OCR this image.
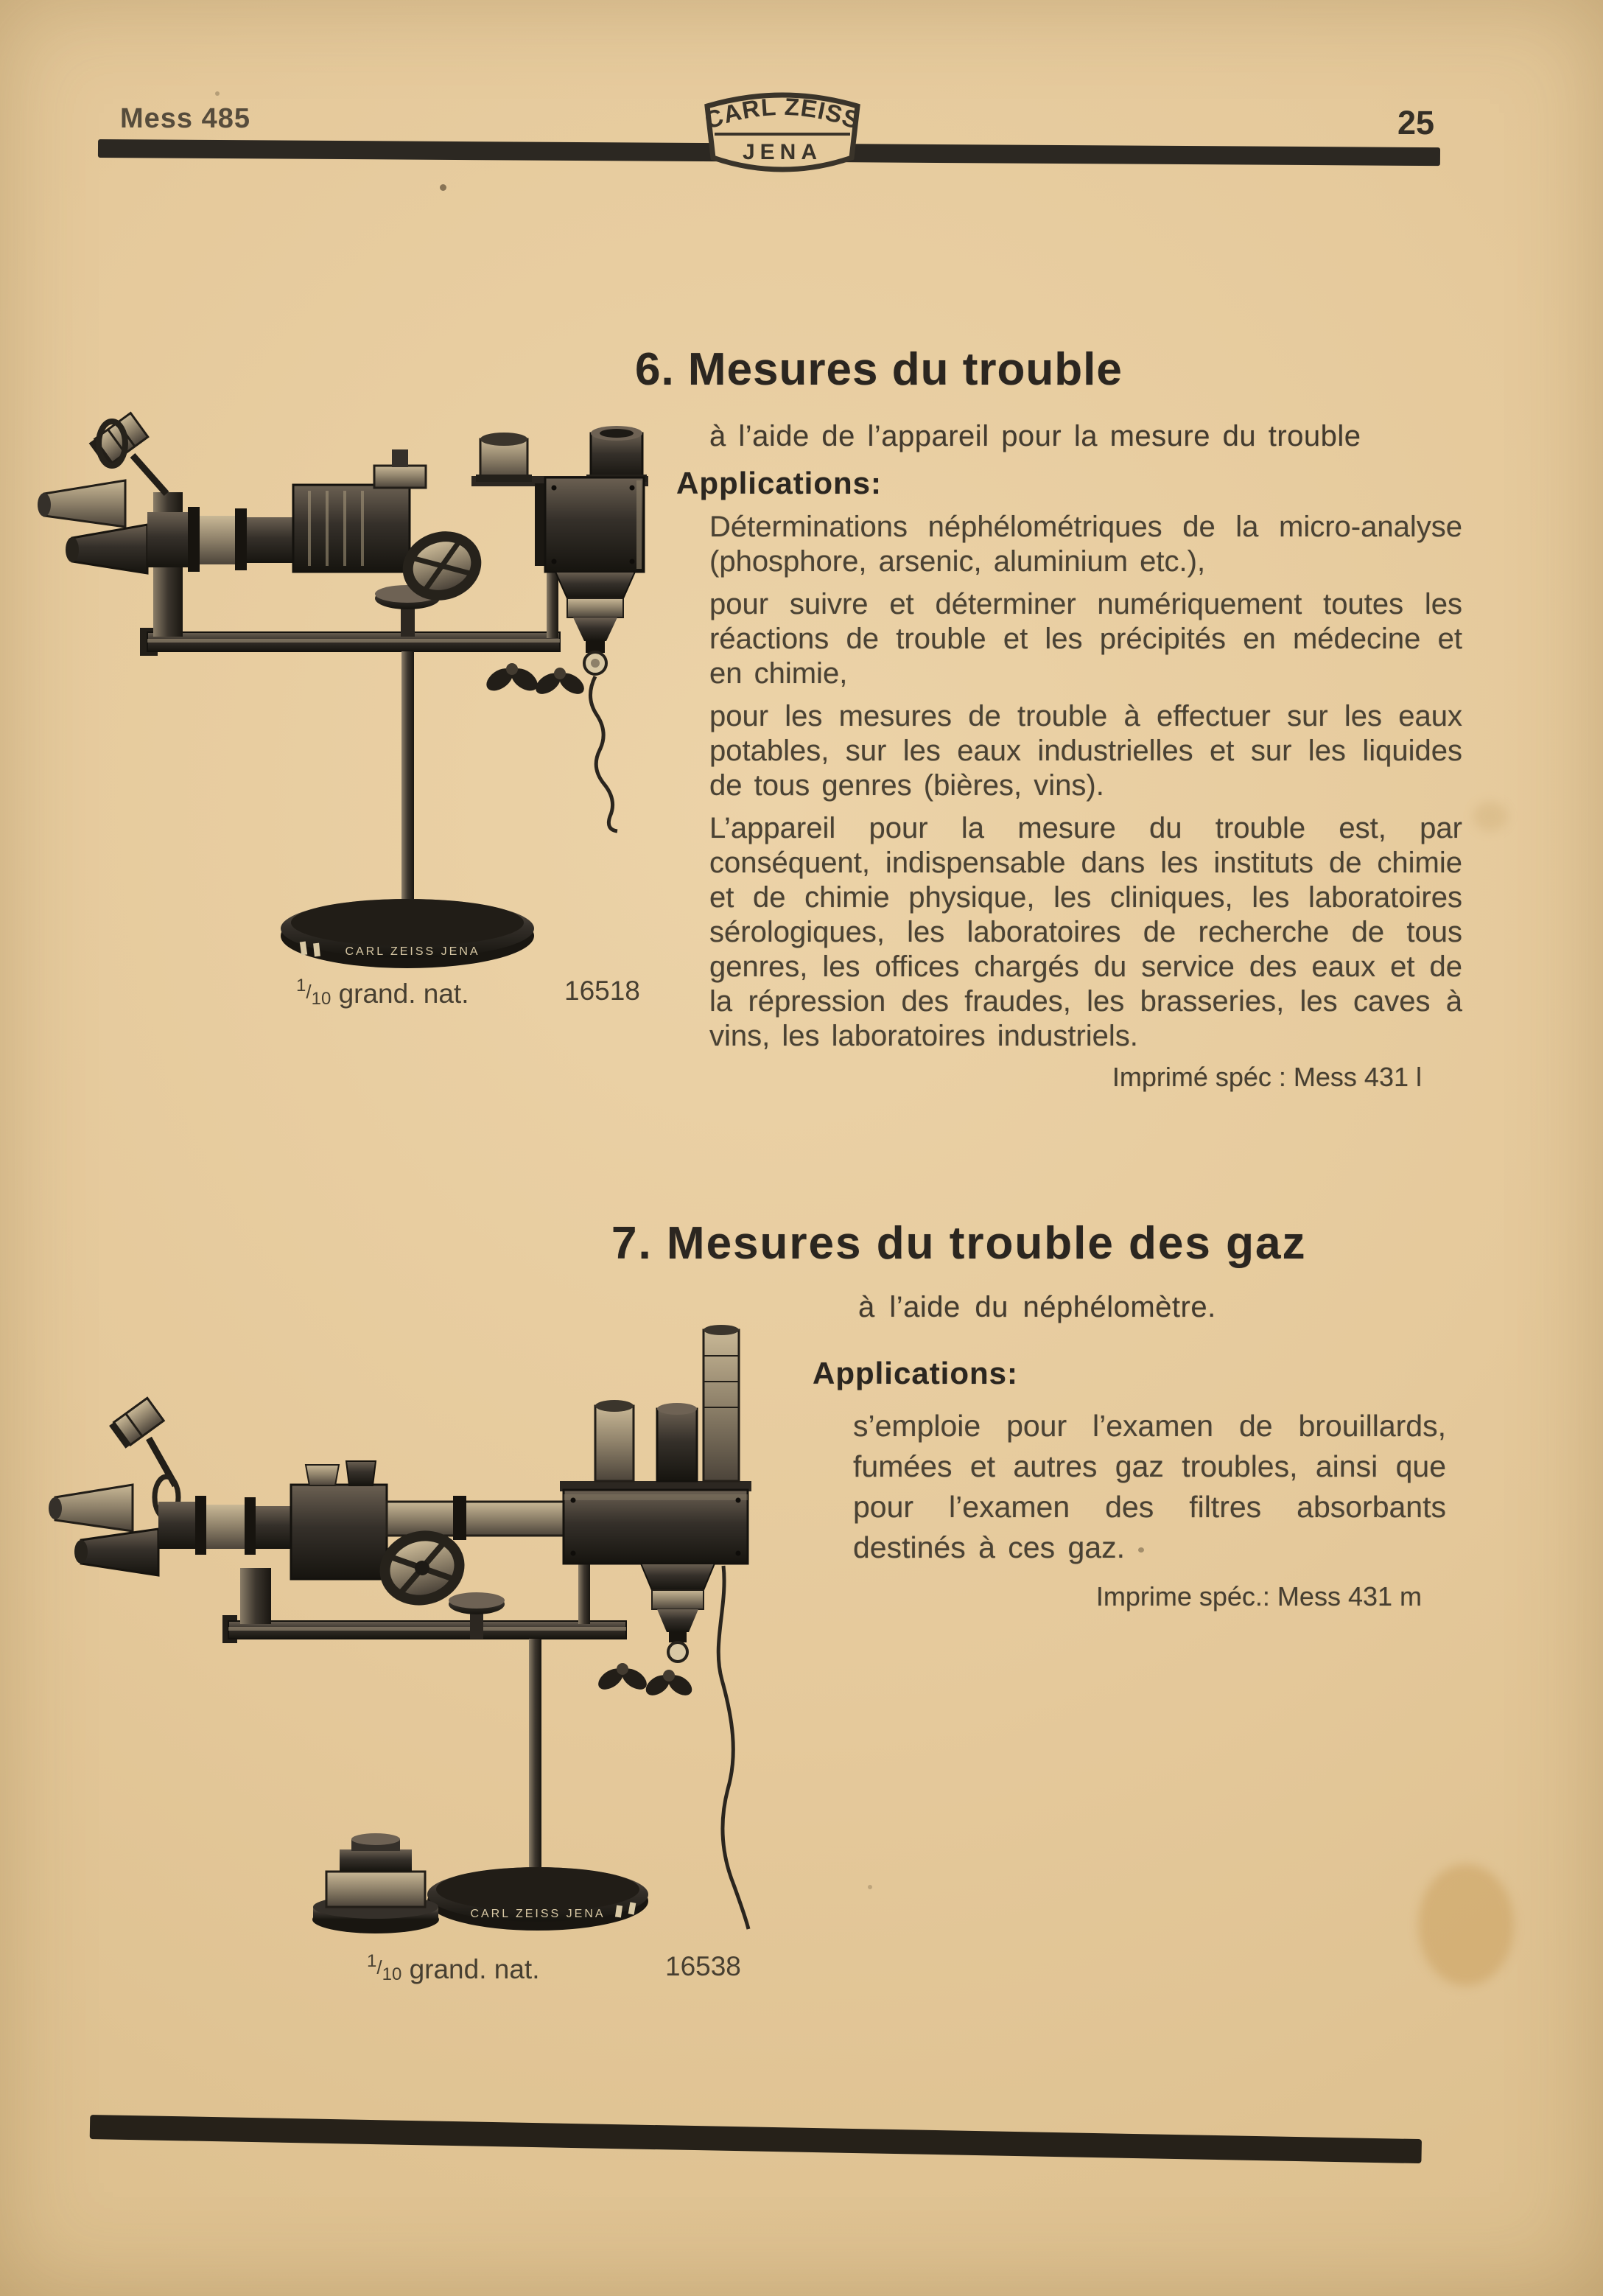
Mess 485	25
CARL ZEISS
JENA
6. Mesures du trouble
à l’aide de l’appareil pour la mesure du trouble
Applications:

Déterminations néphélométriques de la micro-analyse (phosphore, arsenic, aluminium etc.),

pour suivre et déterminer numériquement toutes les réactions de trouble et les précipités en médecine et en chimie,

pour les mesures de trouble à effectuer sur les eaux potables, sur les eaux industrielles et sur les liquides de tous genres (bières, vins).

L’appareil pour la mesure du trouble est, par conséquent, indispensable dans les instituts de chimie et de chimie physique, les cliniques, les laboratoires sérologiques, les laboratoires de recherche de tous genres, les offices chargés du service des eaux et de la répression des fraudes, les brasseries, les caves à vins, les laboratoires industriels.

Imprimé spéc : Mess 431 l
CARL ZEISS JENA
$^1/_{10}$ grand. nat.	16518
7. Mesures du trouble des gaz
à l’aide du néphélomètre.
Applications:

s’emploie pour l’examen de brouillards, fumées et autres gaz troubles, ainsi que pour l’examen des filtres absorbants destinés à ces gaz.

Imprime spéc.: Mess 431 m
CARL ZEISS JENA
$^1/_{10}$ grand. nat.	16538
